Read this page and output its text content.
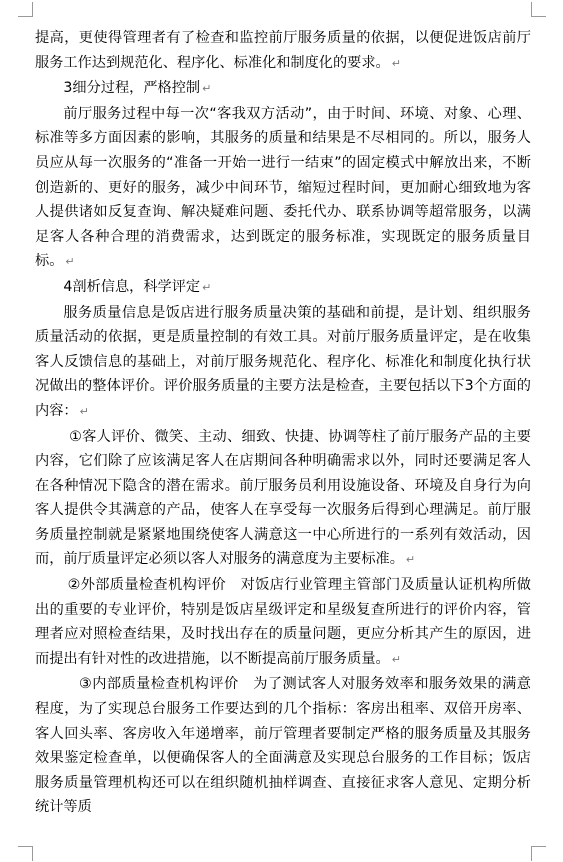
提高，更使得管理者有了检查和监控前厅服务质量的依据，以便促进饭店前厅服务工作达到规范化、程序化、标准化和制度化的要求。 ↵

3细分过程，严格控制 ↵

前厅服务过程中每一次“客我双方活动”，由于时间、环境、对象、心理、标准等多方面因素的影响，其服务的质量和结果是不尽相同的。所以，服务人员应从每一次服务的“准备一开始一进行一结束”的固定模式中解放出来，不断创造新的、更好的服务，减少中间环节，缩短过程时间，更加耐心细致地为客人提供诸如反复查询、解决疑难问题、委托代办、联系协调等超常服务，以满足客人各种合理的消费需求，达到既定的服务标准，实现既定的服务质量目标。 ↵

4剖析信息，科学评定 ↵

服务质量信息是饭店进行服务质量决策的基础和前提，是计划、组织服务质量活动的依据，更是质量控制的有效工具。对前厅服务质量评定，是在收集客人反馈信息的基础上，对前厅服务规范化、程序化、标准化和制度化执行状况做出的整体评价。评价服务质量的主要方法是检查，主要包括以下3个方面的内容： ↵

①客人评价、微笑、主动、细致、快捷、协调等柱了前厅服务产品的主要内容，它们除了应该满足客人在店期间各种明确需求以外，同时还要满足客人在各种情况下隐含的潜在需求。前厅服务员利用设施设备、环境及自身行为向客人提供令其满意的产品，使客人在享受每一次服务后得到心理满足。前厅服务质量控制就是紧紧地围绕使客人满意这一中心所进行的一系列有效活动，因而，前厅质量评定必须以客人对服务的满意度为主要标准。 ↵

②外部质量检查机构评价　对饭店行业管理主管部门及质量认证机构所做出的重要的专业评价，特别是饭店星级评定和星级复查所进行的评价内容，管理者应对照检查结果，及时找出存在的质量问题，更应分析其产生的原因，进而提出有针对性的改进措施，以不断提高前厅服务质量。 ↵

③内部质量检查机构评价　为了测试客人对服务效率和服务效果的满意程度，为了实现总台服务工作要达到的几个指标：客房出租率、双倍开房率、客人回头率、客房收入年递增率，前厅管理者要制定严格的服务质量及其服务效果鉴定检查单，以便确保客人的全面满意及实现总台服务的工作目标；饭店服务质量管理机构还可以在组织随机抽样调查、直接征求客人意见、定期分析统计等质
